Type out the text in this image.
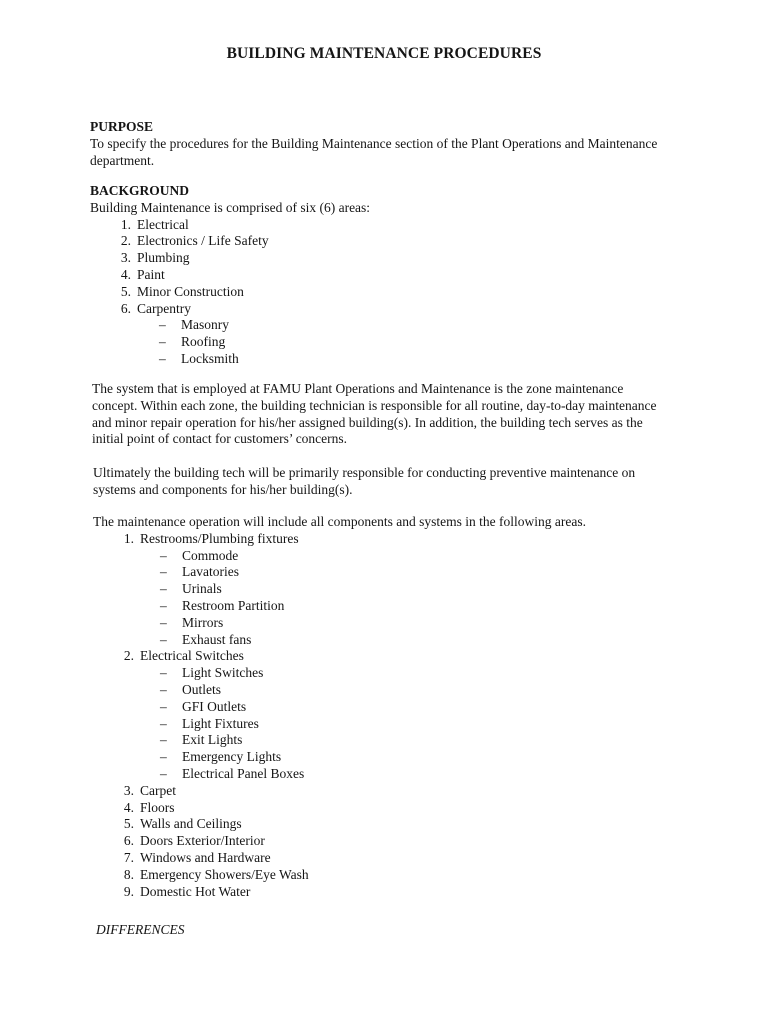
BUILDING MAINTENANCE PROCEDURES
PURPOSE
To specify the procedures for the Building Maintenance section of the Plant Operations and Maintenance
department.
BACKGROUND
Building Maintenance is comprised of six (6) areas:
1. Electrical
2. Electronics / Life Safety
3. Plumbing
4. Paint
5. Minor Construction
6. Carpentry
–	Masonry
–	Roofing
–	Locksmith
The system that is employed at FAMU Plant Operations and Maintenance is the zone maintenance
concept. Within each zone, the building technician is responsible for all routine, day-to-day maintenance
and minor repair operation for his/her assigned building(s). In addition, the building tech serves as the
initial point of contact for customers’ concerns.
Ultimately the building tech will be primarily responsible for conducting preventive maintenance on
systems and components for his/her building(s).
The maintenance operation will include all components and systems in the following areas.
1. Restrooms/Plumbing fixtures
–	Commode
–	Lavatories
–	Urinals
–	Restroom Partition
–	Mirrors
–	Exhaust fans
2. Electrical Switches
–	Light Switches
–	Outlets
–	GFI Outlets
–	Light Fixtures
–	Exit Lights
–	Emergency Lights
–	Electrical Panel Boxes
3. Carpet
4. Floors
5. Walls and Ceilings
6. Doors Exterior/Interior
7. Windows and Hardware
8. Emergency Showers/Eye Wash
9. Domestic Hot Water
DIFFERENCES
